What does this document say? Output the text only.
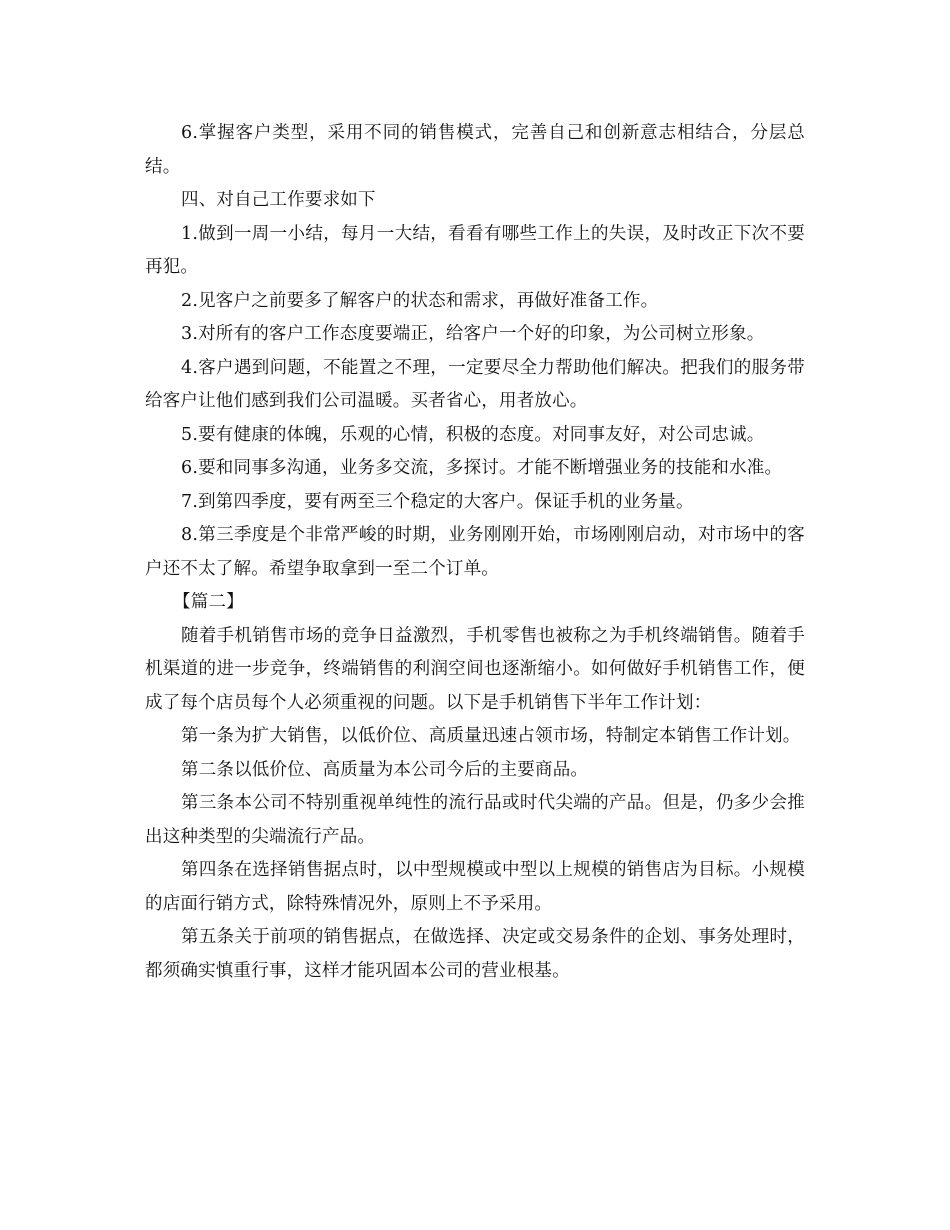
6.掌握客户类型，采用不同的销售模式，完善自己和创新意志相结合，分层总结。

四、对自己工作要求如下

1.做到一周一小结，每月一大结，看看有哪些工作上的失误，及时改正下次不要再犯。

2.见客户之前要多了解客户的状态和需求，再做好准备工作。

3.对所有的客户工作态度要端正，给客户一个好的印象，为公司树立形象。

4.客户遇到问题，不能置之不理，一定要尽全力帮助他们解决。把我们的服务带给客户让他们感到我们公司温暖。买者省心，用者放心。

5.要有健康的体魄，乐观的心情，积极的态度。对同事友好，对公司忠诚。

6.要和同事多沟通，业务多交流，多探讨。才能不断增强业务的技能和水准。

7.到第四季度，要有两至三个稳定的大客户。保证手机的业务量。

8.第三季度是个非常严峻的时期，业务刚刚开始，市场刚刚启动，对市场中的客户还不太了解。希望争取拿到一至二个订单。

【篇二】

随着手机销售市场的竞争日益激烈，手机零售也被称之为手机终端销售。随着手机渠道的进一步竞争，终端销售的利润空间也逐渐缩小。如何做好手机销售工作，便成了每个店员每个人必须重视的问题。以下是手机销售下半年工作计划：

第一条为扩大销售，以低价位、高质量迅速占领市场，特制定本销售工作计划。

第二条以低价位、高质量为本公司今后的主要商品。

第三条本公司不特别重视单纯性的流行品或时代尖端的产品。但是，仍多少会推出这种类型的尖端流行产品。

第四条在选择销售据点时，以中型规模或中型以上规模的销售店为目标。小规模的店面行销方式，除特殊情况外，原则上不予采用。

第五条关于前项的销售据点，在做选择、决定或交易条件的企划、事务处理时，都须确实慎重行事，这样才能巩固本公司的营业根基。
